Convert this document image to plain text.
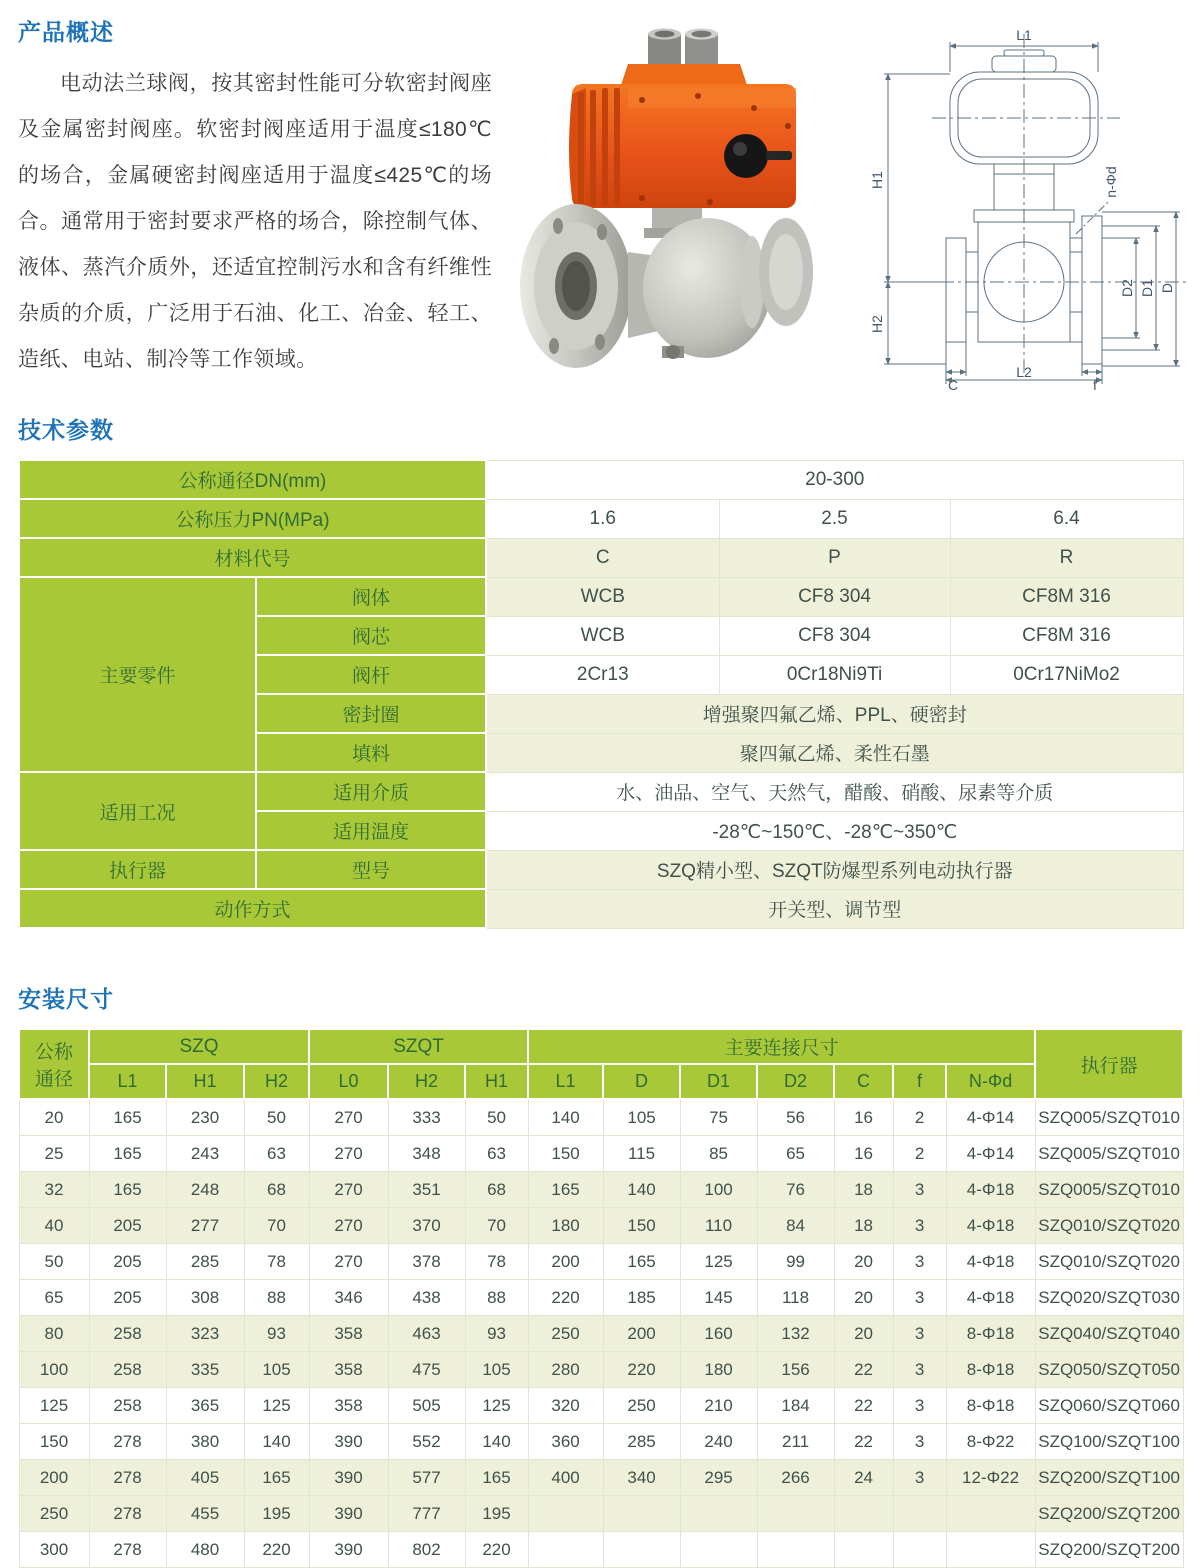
产品概述

电动法兰球阀，按其密封性能可分软密封阀座及金属密封阀座。软密封阀座适用于温度≤180℃的场合，金属硬密封阀座适用于温度≤425℃的场合。通常用于密封要求严格的场合，除控制气体、液体、蒸汽介质外，还适宜控制污水和含有纤维性杂质的介质，广泛用于石油、化工、冶金、轻工、造纸、电站、制冷等工作领域。

L1
H1
H2
C
L2
f
D2 D1 D
n-Φd
技术参数
公称通径DN(mm)		20-300		
公称压力PN(MPa)		1.6	2.5	6.4
材料代号		C	P	R
主要零件	阀体	WCB	CF8 304	CF8M 316
	阀芯	WCB	CF8 304	CF8M 316
	阀杆	2Cr13	0Cr18Ni9Ti	0Cr17NiMo2
	密封圈	增强聚四氟乙烯、PPL、硬密封		
	填料	聚四氟乙烯、柔性石墨		
适用工况	适用介质	水、油品、空气、天然气，醋酸、硝酸、尿素等介质		
	适用温度	-28℃~150℃、-28℃~350℃		
执行器	型号	SZQ精小型、SZQT防爆型系列电动执行器		
动作方式		开关型、调节型		
安装尺寸
公称通径	SZQ			SZQT			主要连接尺寸							执行器
	L1	H1	H2	L0	H2	H1	L1	D	D1	D2	C	f	N-Φd	
20	165	230	50	270	333	50	140	105	75	56	16	2	4-Φ14	SZQ005/SZQT010
25	165	243	63	270	348	63	150	115	85	65	16	2	4-Φ14	SZQ005/SZQT010
32	165	248	68	270	351	68	165	140	100	76	18	3	4-Φ18	SZQ005/SZQT010
40	205	277	70	270	370	70	180	150	110	84	18	3	4-Φ18	SZQ010/SZQT020
50	205	285	78	270	378	78	200	165	125	99	20	3	4-Φ18	SZQ010/SZQT020
65	205	308	88	346	438	88	220	185	145	118	20	3	4-Φ18	SZQ020/SZQT030
80	258	323	93	358	463	93	250	200	160	132	20	3	8-Φ18	SZQ040/SZQT040
100	258	335	105	358	475	105	280	220	180	156	22	3	8-Φ18	SZQ050/SZQT050
125	258	365	125	358	505	125	320	250	210	184	22	3	8-Φ18	SZQ060/SZQT060
150	278	380	140	390	552	140	360	285	240	211	22	3	8-Φ22	SZQ100/SZQT100
200	278	405	165	390	577	165	400	340	295	266	24	3	12-Φ22	SZQ200/SZQT100
250	278	455	195	390	777	195								SZQ200/SZQT200
300	278	480	220	390	802	220								SZQ200/SZQT200
